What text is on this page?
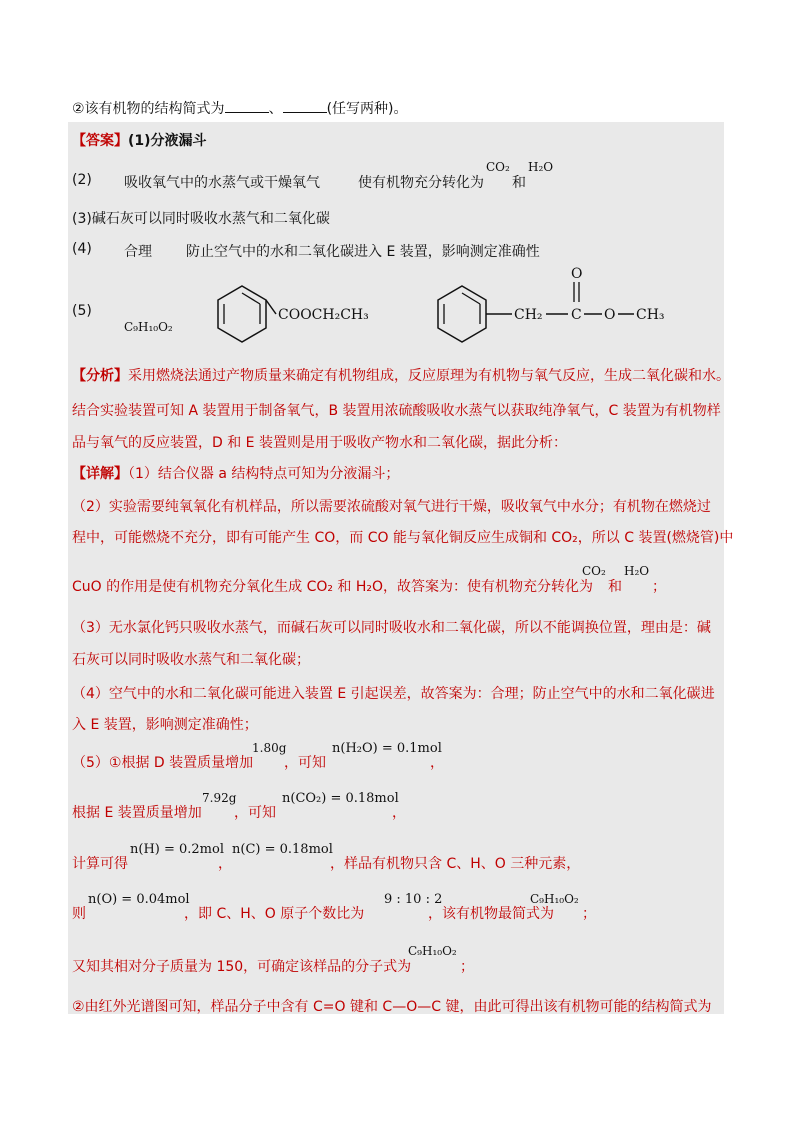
②该有机物的结构简式为	、	(任写两种)。
【答案】(1)分液漏斗
(2) 吸收氧气中的水蒸气或干燥氧气	使有机物充分转化为
CO₂
和
H₂O
(3)碱石灰可以同时吸收水蒸气和二氧化碳
(4) 合理 防止空气中的水和二氧化碳进入 E 装置，影响测定准确性
(5)
C₉H₁₀O₂
COOCH₂CH₃	CH₂ C
O
O CH₃
【分析】采用燃烧法通过产物质量来确定有机物组成，反应原理为有机物与氧气反应，生成二氧化碳和水。
结合实验装置可知 A 装置用于制备氧气，B 装置用浓硫酸吸收水蒸气以获取纯净氧气，C 装置为有机物样
品与氧气的反应装置，D 和 E 装置则是用于吸收产物水和二氧化碳，据此分析：
【详解】（1）结合仪器 a 结构特点可知为分液漏斗；
（2）实验需要纯氧氧化有机样品，所以需要浓硫酸对氧气进行干燥，吸收氧气中水分；有机物在燃烧过
程中，可能燃烧不充分，即有可能产生 CO，而 CO 能与氧化铜反应生成铜和 CO₂，所以 C 装置(燃烧管)中
CuO 的作用是使有机物充分氧化生成 CO₂ 和 H₂O，故答案为：使有机物充分转化为
CO₂
和
H₂O
；
（3）无水氯化钙只吸收水蒸气，而碱石灰可以同时吸收水和二氧化碳，所以不能调换位置，理由是：碱
石灰可以同时吸收水蒸气和二氧化碳；
（4）空气中的水和二氧化碳可能进入装置 E 引起误差，故答案为：合理；防止空气中的水和二氧化碳进
入 E 装置，影响测定准确性；
（5）①根据 D 装置质量增加
1.80g
，可知
n(H₂O) = 0.1mol
，
根据 E 装置质量增加
7.92g
，可知
n(CO₂) = 0.18mol
，
计算可得
n(H) = 0.2mol
，
n(C) = 0.18mol
，样品有机物只含 C、H、O 三种元素，
则
n(O) = 0.04mol
，即 C、H、O 原子个数比为
9 : 10 : 2
，该有机物最简式为
C₉H₁₀O₂
；
又知其相对分子质量为 150，可确定该样品的分子式为
C₉H₁₀O₂
；
②由红外光谱图可知，样品分子中含有 C=O 键和 C—O—C 键，由此可得出该有机物可能的结构简式为
